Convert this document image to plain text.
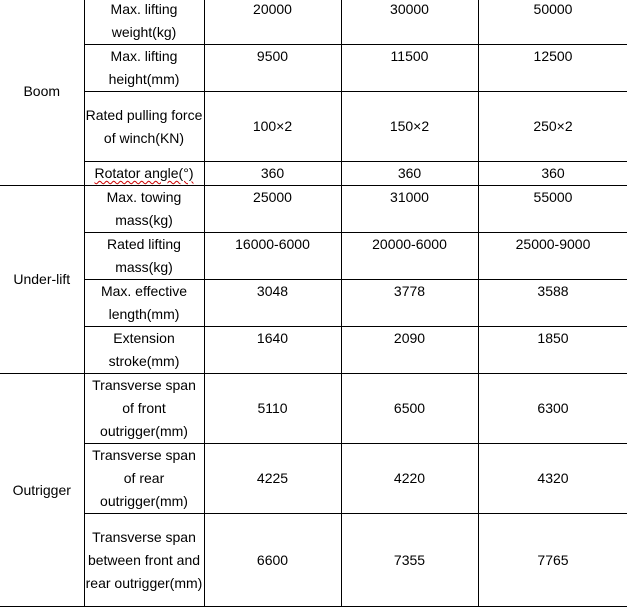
Boom	Max. lifting weight(kg)	20000	30000	50000
	Max. lifting height(mm)	9500	11500	12500
	Rated pulling force of winch(KN)	100×2	150×2	250×2
	Rotator angle(°)	360	360	360
Under-lift	Max. towing mass(kg)	25000	31000	55000
	Rated lifting mass(kg)	16000-6000	20000-6000	25000-9000
	Max. effective length(mm)	3048	3778	3588
	Extension stroke(mm)	1640	2090	1850
Outrigger	Transverse span of front outrigger(mm)	5110	6500	6300
	Transverse span of rear outrigger(mm)	4225	4220	4320
	Transverse span between front and rear outrigger(mm)	6600	7355	7765
